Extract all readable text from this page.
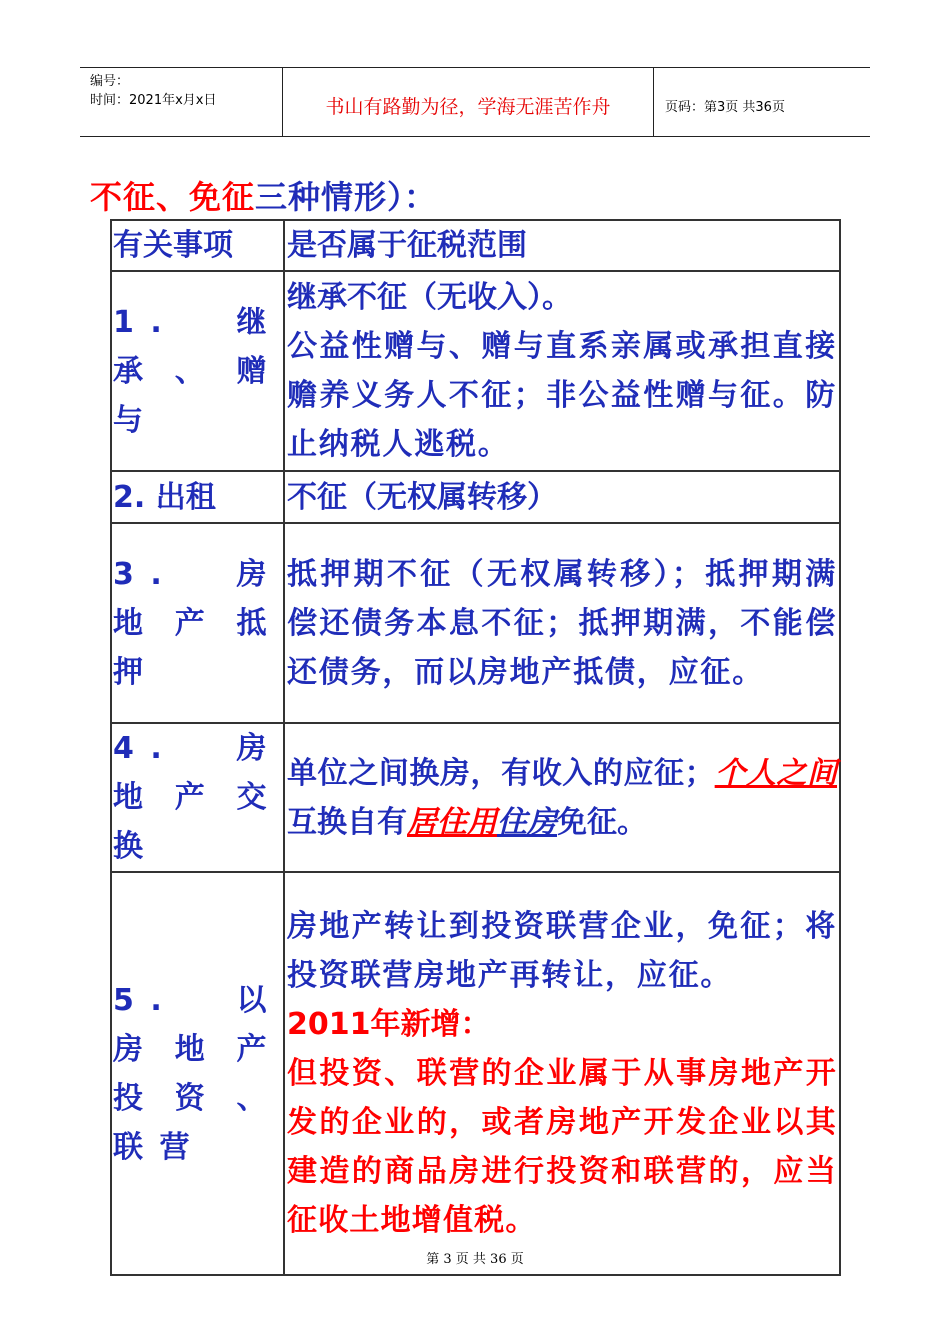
编号：
时间：2021年x月x日	书山有路勤为径，学海无涯苦作舟	页码：第3页 共36页
不征、免征三种情形）：
有关事项	是否属于征税范围
1. 继承、赠与	继承不征（无收入）。
公益性赠与、赠与直系亲属或承担直接赡养义务人不征；非公益性赠与征。防止纳税人逃税。

2. 出租	不征（无权属转移）
3. 房地产抵押	抵押期不征（无权属转移）；抵押期满偿还债务本息不征；抵押期满，不能偿还债务，而以房地产抵债，应征。
4. 房地产交换	单位之间换房，有收入的应征；个人之间互换自有居住用住房免征。
5. 以房地产投资、联营	房地产转让到投资联营企业，免征；将投资联营房地产再转让，应征。
2011年新增：
但投资、联营的企业属于从事房地产开发的企业的，或者房地产开发企业以其建造的商品房进行投资和联营的，应当征收土地增值税。
第 3 页 共 36 页
